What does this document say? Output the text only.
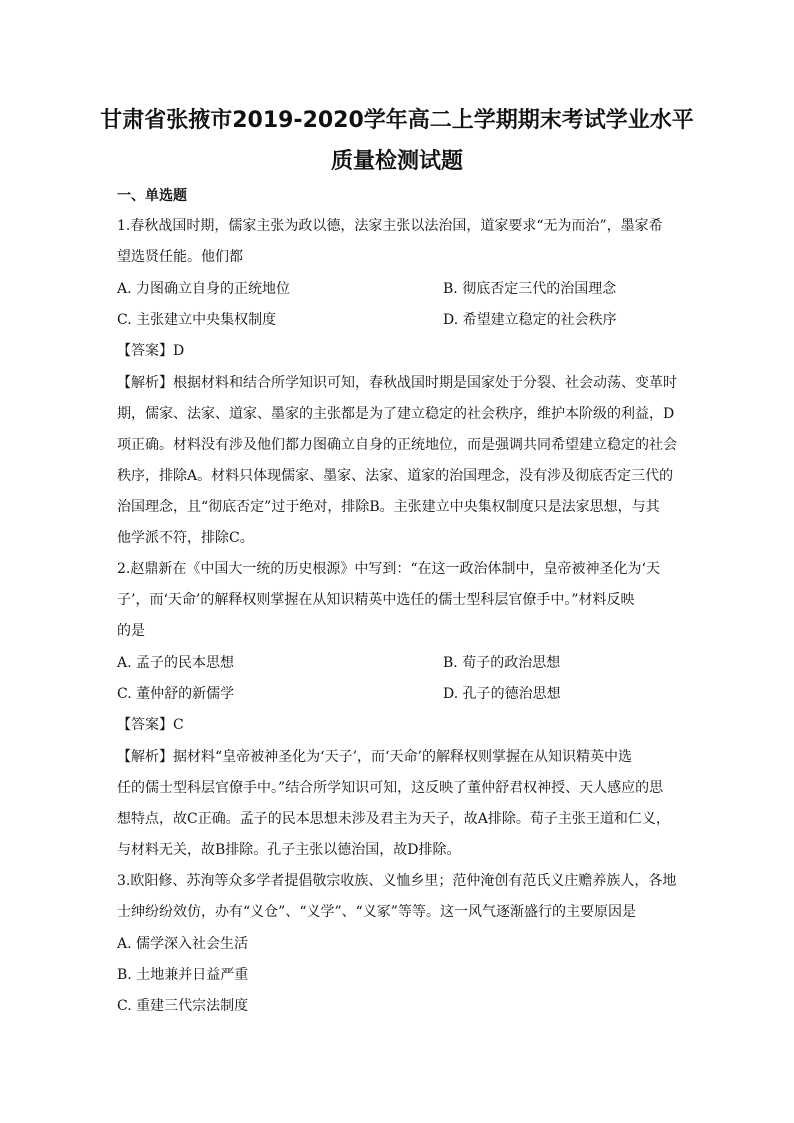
甘肃省张掖市2019-2020学年高二上学期期末考试学业水平
质量检测试题
一、单选题

1.春秋战国时期，儒家主张为政以德，法家主张以法治国，道家要求“无为而治”，墨家希

望选贤任能。他们都

A. 力图确立自身的正统地位	B. 彻底否定三代的治国理念

C. 主张建立中央集权制度	D. 希望建立稳定的社会秩序

【答案】D

【解析】根据材料和结合所学知识可知，春秋战国时期是国家处于分裂、社会动荡、变革时

期，儒家、法家、道家、墨家的主张都是为了建立稳定的社会秩序，维护本阶级的利益，D

项正确。材料没有涉及他们都力图确立自身的正统地位，而是强调共同希望建立稳定的社会

秩序，排除A。材料只体现儒家、墨家、法家、道家的治国理念，没有涉及彻底否定三代的

治国理念，且“彻底否定”过于绝对，排除B。主张建立中央集权制度只是法家思想，与其

他学派不符，排除C。

2.赵鼎新在《中国大一统的历史根源》中写到：“在这一政治体制中，皇帝被神圣化为‘天

子’，而‘天命’的解释权则掌握在从知识精英中选任的儒士型科层官僚手中。”材料反映

的是

A. 孟子的民本思想	B. 荀子的政治思想

C. 董仲舒的新儒学	D. 孔子的德治思想

【答案】C

【解析】据材料“皇帝被神圣化为‘天子’，而‘天命’的解释权则掌握在从知识精英中选

任的儒士型科层官僚手中。”结合所学知识可知，这反映了董仲舒君权神授、天人感应的思

想特点，故C正确。孟子的民本思想未涉及君主为天子，故A排除。荀子主张王道和仁义，

与材料无关，故B排除。孔子主张以德治国，故D排除。

3.欧阳修、苏洵等众多学者提倡敬宗收族、义恤乡里；范仲淹创有范氏义庄赡养族人，各地

士绅纷纷效仿，办有“义仓”、“义学”、“义冢”等等。这一风气逐渐盛行的主要原因是

A. 儒学深入社会生活

B. 土地兼并日益严重

C. 重建三代宗法制度
